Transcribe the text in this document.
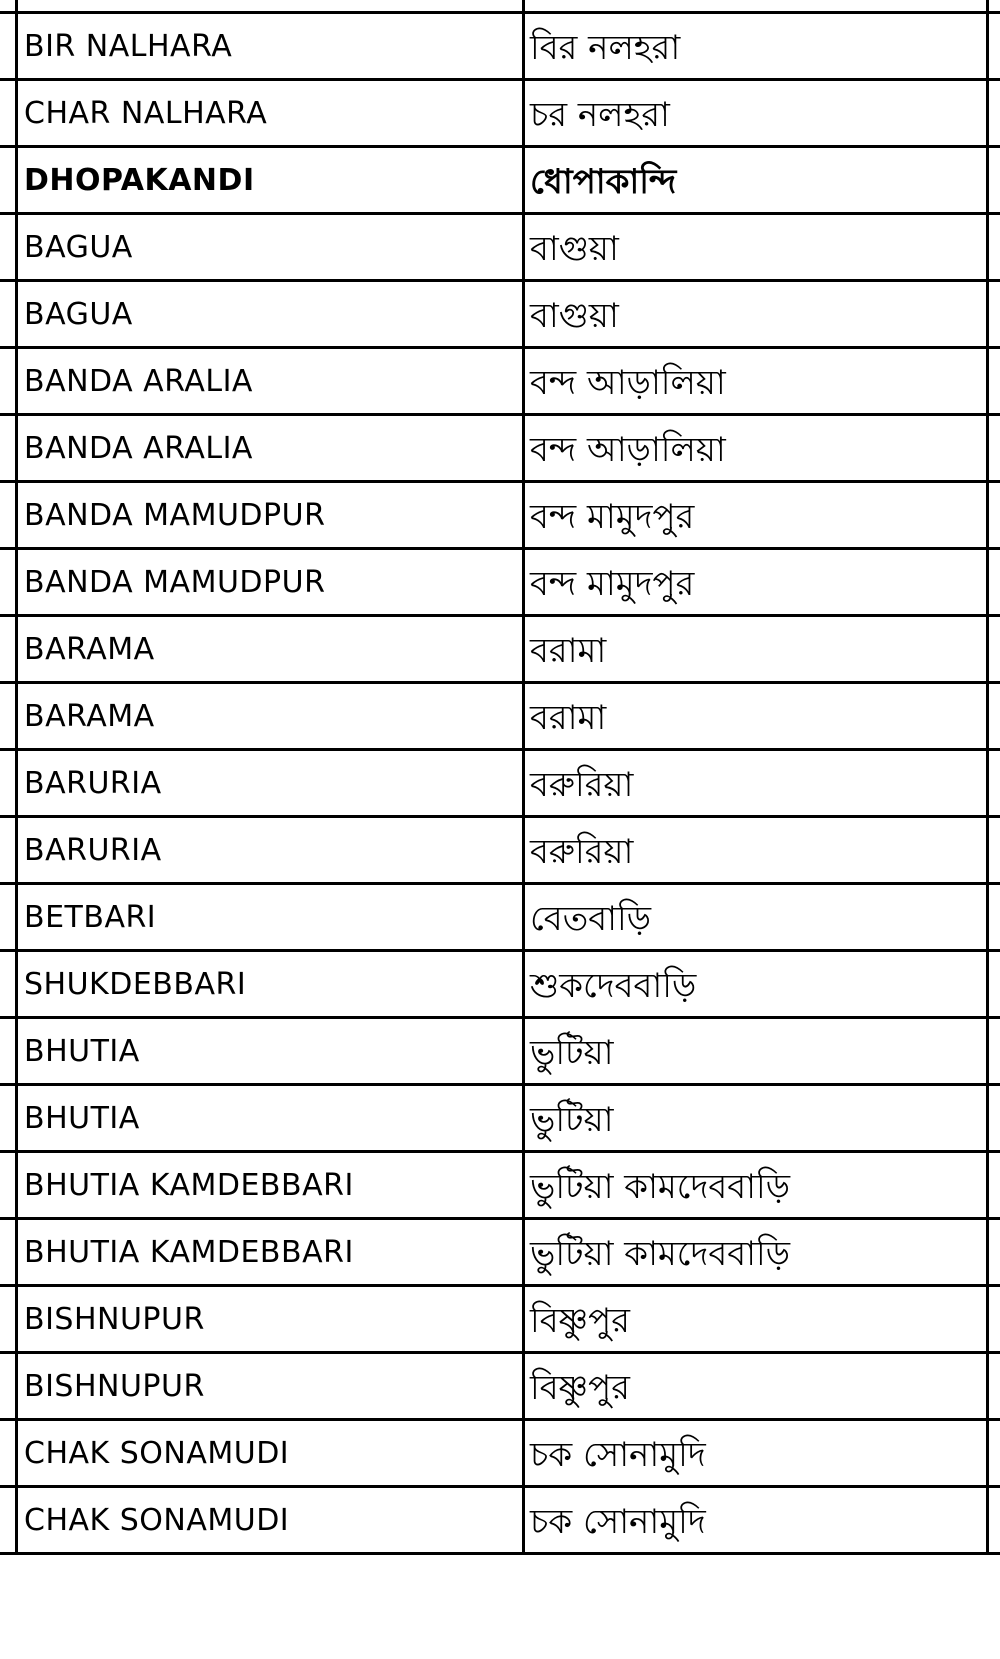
BIR NALHARA	বির নলহরা
CHAR NALHARA	চর নলহরা
DHOPAKANDI	ধোপাকান্দি
BAGUA	বাগুয়া
BAGUA	বাগুয়া
BANDA ARALIA	বন্দ আড়ালিয়া
BANDA ARALIA	বন্দ আড়ালিয়া
BANDA MAMUDPUR	বন্দ মামুদপুর
BANDA MAMUDPUR	বন্দ মামুদপুর
BARAMA	বরামা
BARAMA	বরামা
BARURIA	বরুরিয়া
BARURIA	বরুরিয়া
BETBARI	বেতবাড়ি
SHUKDEBBARI	শুকদেববাড়ি
BHUTIA	ভুটিয়া
BHUTIA	ভুটিয়া
BHUTIA KAMDEBBARI	ভুটিয়া কামদেববাড়ি
BHUTIA KAMDEBBARI	ভুটিয়া কামদেববাড়ি
BISHNUPUR	বিষ্ণুপুর
BISHNUPUR	বিষ্ণুপুর
CHAK SONAMUDI	চক সোনামুদি
CHAK SONAMUDI	চক সোনামুদি
